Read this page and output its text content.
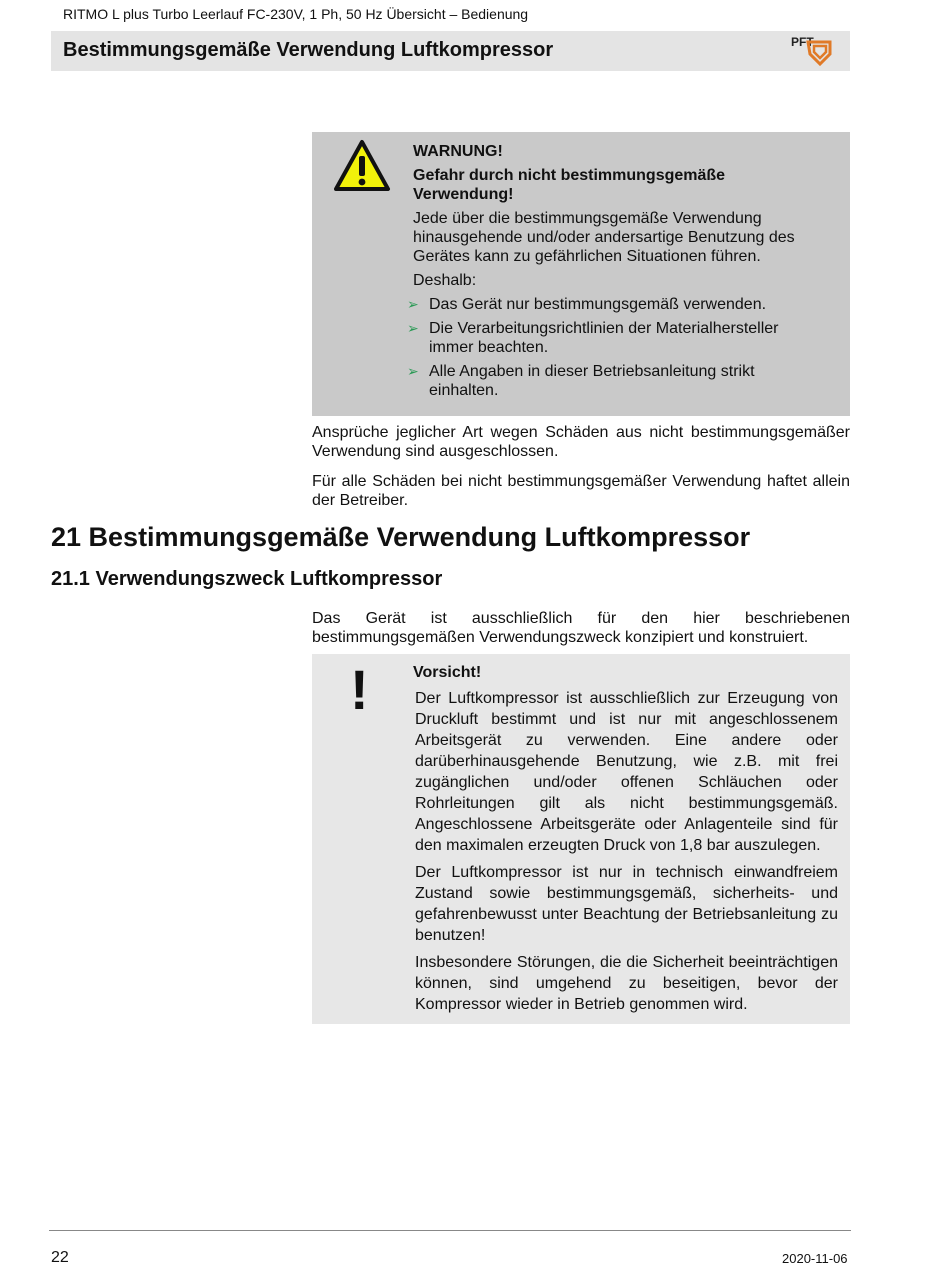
RITMO L plus Turbo Leerlauf FC-230V, 1 Ph, 50 Hz Übersicht – Bedienung
Bestimmungsgemäße Verwendung Luftkompressor	PFT

WARNUNG!

Gefahr durch nicht bestimmungsgemäße Verwendung!

Jede über die bestimmungsgemäße Verwendung hinausgehende und/oder andersartige Benutzung des Gerätes kann zu gefährlichen Situationen führen.

Deshalb:

➢ Das Gerät nur bestimmungsgemäß verwenden.
➢ Die Verarbeitungsrichtlinien der Materialhersteller immer beachten.
➢ Alle Angaben in dieser Betriebsanleitung strikt einhalten.
Ansprüche jeglicher Art wegen Schäden aus nicht bestimmungsgemäßer Verwendung sind ausgeschlossen.
Für alle Schäden bei nicht bestimmungsgemäßer Verwendung haftet allein der Betreiber.
21 Bestimmungsgemäße Verwendung Luftkompressor
21.1 Verwendungszweck Luftkompressor
Das Gerät ist ausschließlich für den hier beschriebenen bestimmungsgemäßen Verwendungszweck konzipiert und konstruiert.
!	Vorsicht!

Der Luftkompressor ist ausschließlich zur Erzeugung von Druckluft bestimmt und ist nur mit angeschlossenem Arbeitsgerät zu verwenden. Eine andere oder darüberhinausgehende Benutzung, wie z.B. mit frei zugänglichen und/oder offenen Schläuchen oder Rohrleitungen gilt als nicht bestimmungsgemäß. Angeschlossene Arbeitsgeräte oder Anlagenteile sind für den maximalen erzeugten Druck von 1,8 bar auszulegen.

Der Luftkompressor ist nur in technisch einwandfreiem Zustand sowie bestimmungsgemäß, sicherheits- und gefahrenbewusst unter Beachtung der Betriebsanleitung zu benutzen!

Insbesondere Störungen, die die Sicherheit beeinträchtigen können, sind umgehend zu beseitigen, bevor der Kompressor wieder in Betrieb genommen wird.

22	2020-11-06
